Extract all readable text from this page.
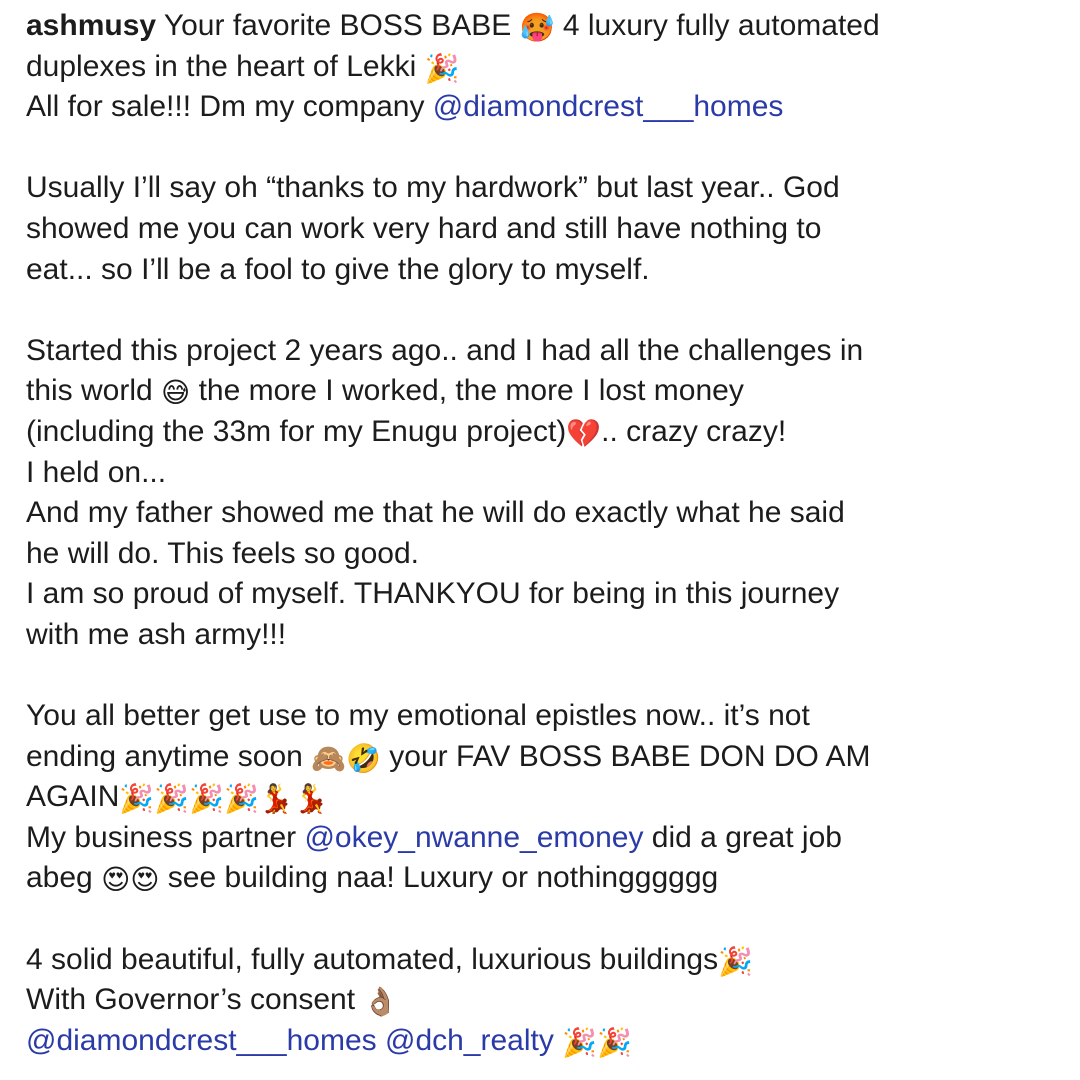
ashmusy Your favorite BOSS BABE 🥵 4 luxury fully automated
duplexes in the heart of Lekki 🎉
All for sale!!! Dm my company @diamondcrest___homes
Usually I’ll say oh “thanks to my hardwork” but last year.. God
showed me you can work very hard and still have nothing to
eat... so I’ll be a fool to give the glory to myself.
Started this project 2 years ago.. and I had all the challenges in
this world 😅 the more I worked, the more I lost money
(including the 33m for my Enugu project)💔.. crazy crazy!
I held on...
And my father showed me that he will do exactly what he said
he will do. This feels so good.
I am so proud of myself. THANKYOU for being in this journey
with me ash army!!!
You all better get use to my emotional epistles now.. it’s not
ending anytime soon 🙈🤣 your FAV BOSS BABE DON DO AM
AGAIN🎉🎉🎉🎉💃💃
My business partner @okey_nwanne_emoney did a great job
abeg 😍😍 see building naa! Luxury or nothingggggg
4 solid beautiful, fully automated, luxurious buildings🎉
With Governor’s consent 👌🏽
@diamondcrest___homes @dch_realty 🎉🎉
